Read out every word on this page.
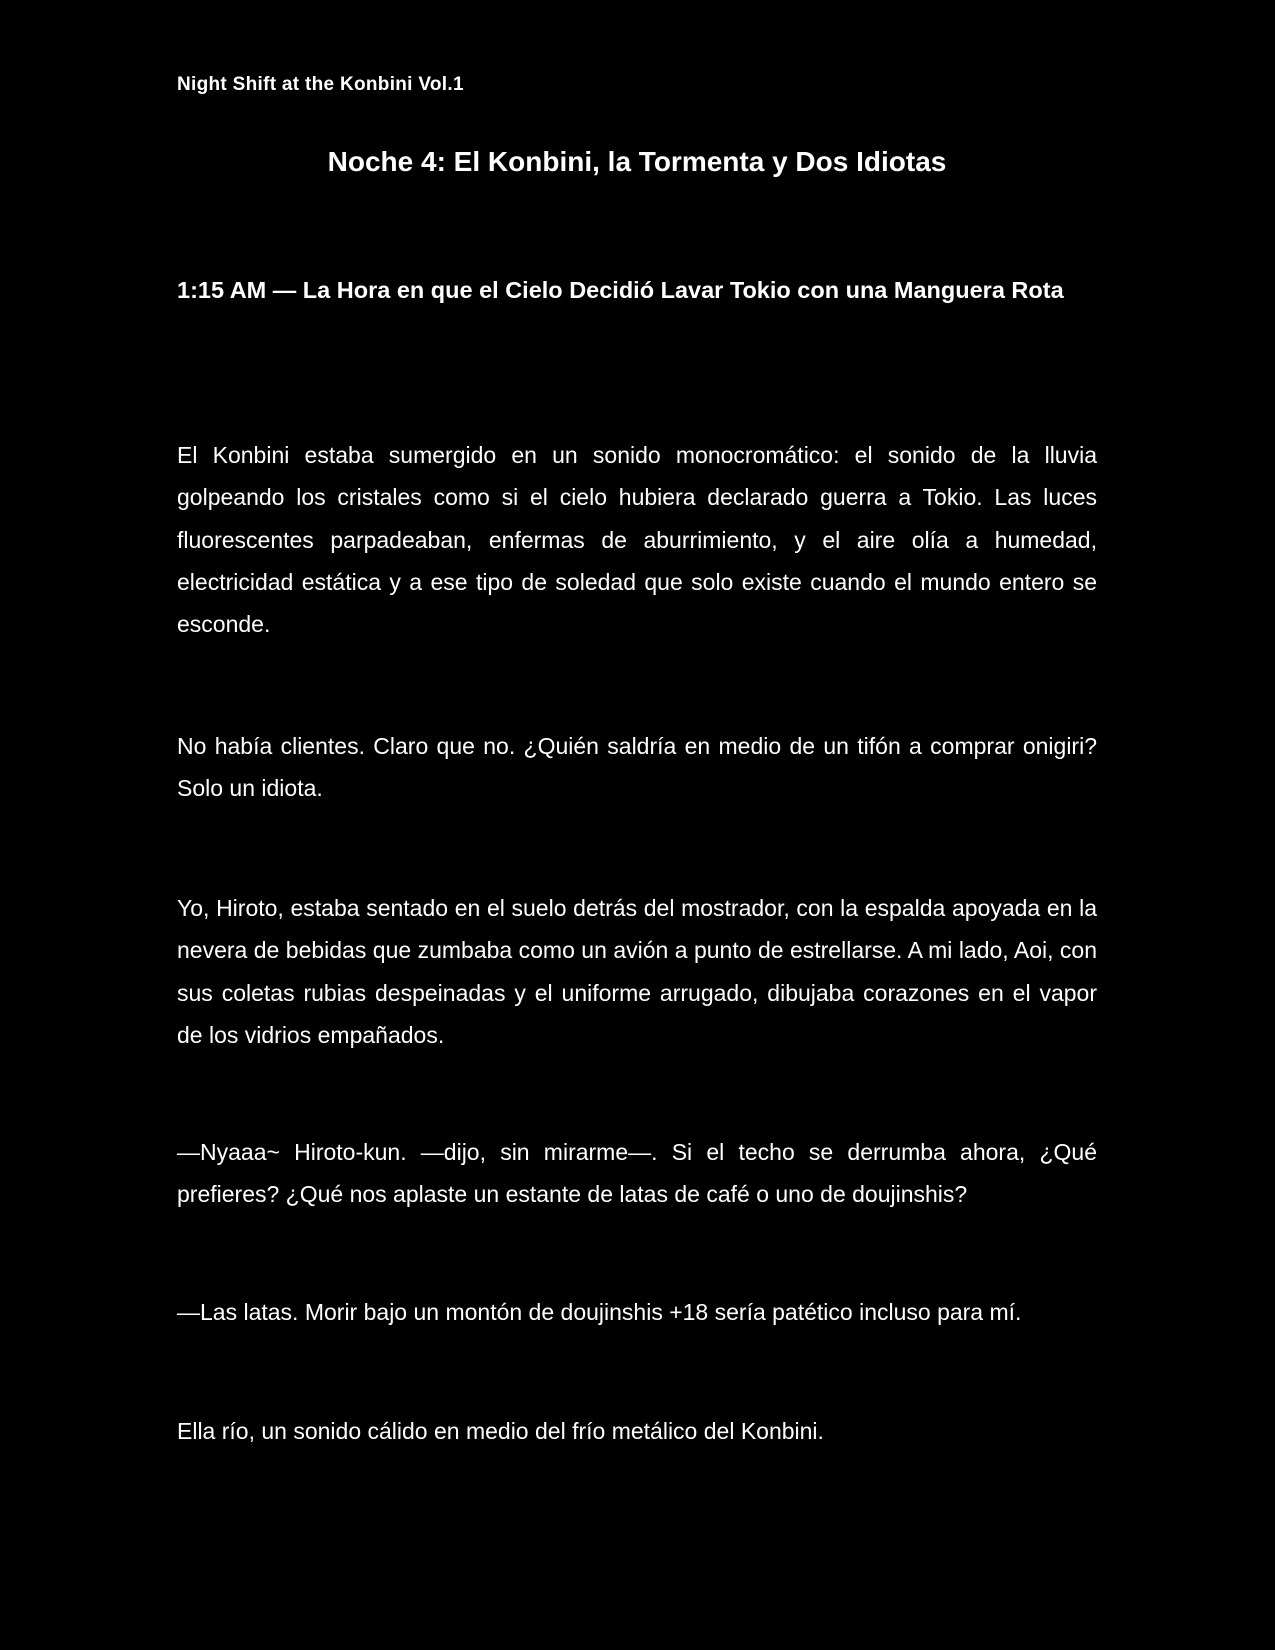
Night Shift at the Konbini Vol.1
Noche 4: El Konbini, la Tormenta y Dos Idiotas
1:15 AM — La Hora en que el Cielo Decidió Lavar Tokio con una Manguera Rota

El Konbini estaba sumergido en un sonido monocromático: el sonido de la lluvia golpeando los cristales como si el cielo hubiera declarado guerra a Tokio. Las luces fluorescentes parpadeaban, enfermas de aburrimiento, y el aire olía a humedad, electricidad estática y a ese tipo de soledad que solo existe cuando el mundo entero se esconde.

No había clientes. Claro que no. ¿Quién saldría en medio de un tifón a comprar onigiri? Solo un idiota.

Yo, Hiroto, estaba sentado en el suelo detrás del mostrador, con la espalda apoyada en la nevera de bebidas que zumbaba como un avión a punto de estrellarse. A mi lado, Aoi, con sus coletas rubias despeinadas y el uniforme arrugado, dibujaba corazones en el vapor de los vidrios empañados.

—Nyaaa~ Hiroto-kun. —dijo, sin mirarme—. Si el techo se derrumba ahora, ¿Qué prefieres? ¿Qué nos aplaste un estante de latas de café o uno de doujinshis?

—Las latas. Morir bajo un montón de doujinshis +18 sería patético incluso para mí.

Ella río, un sonido cálido en medio del frío metálico del Konbini.
